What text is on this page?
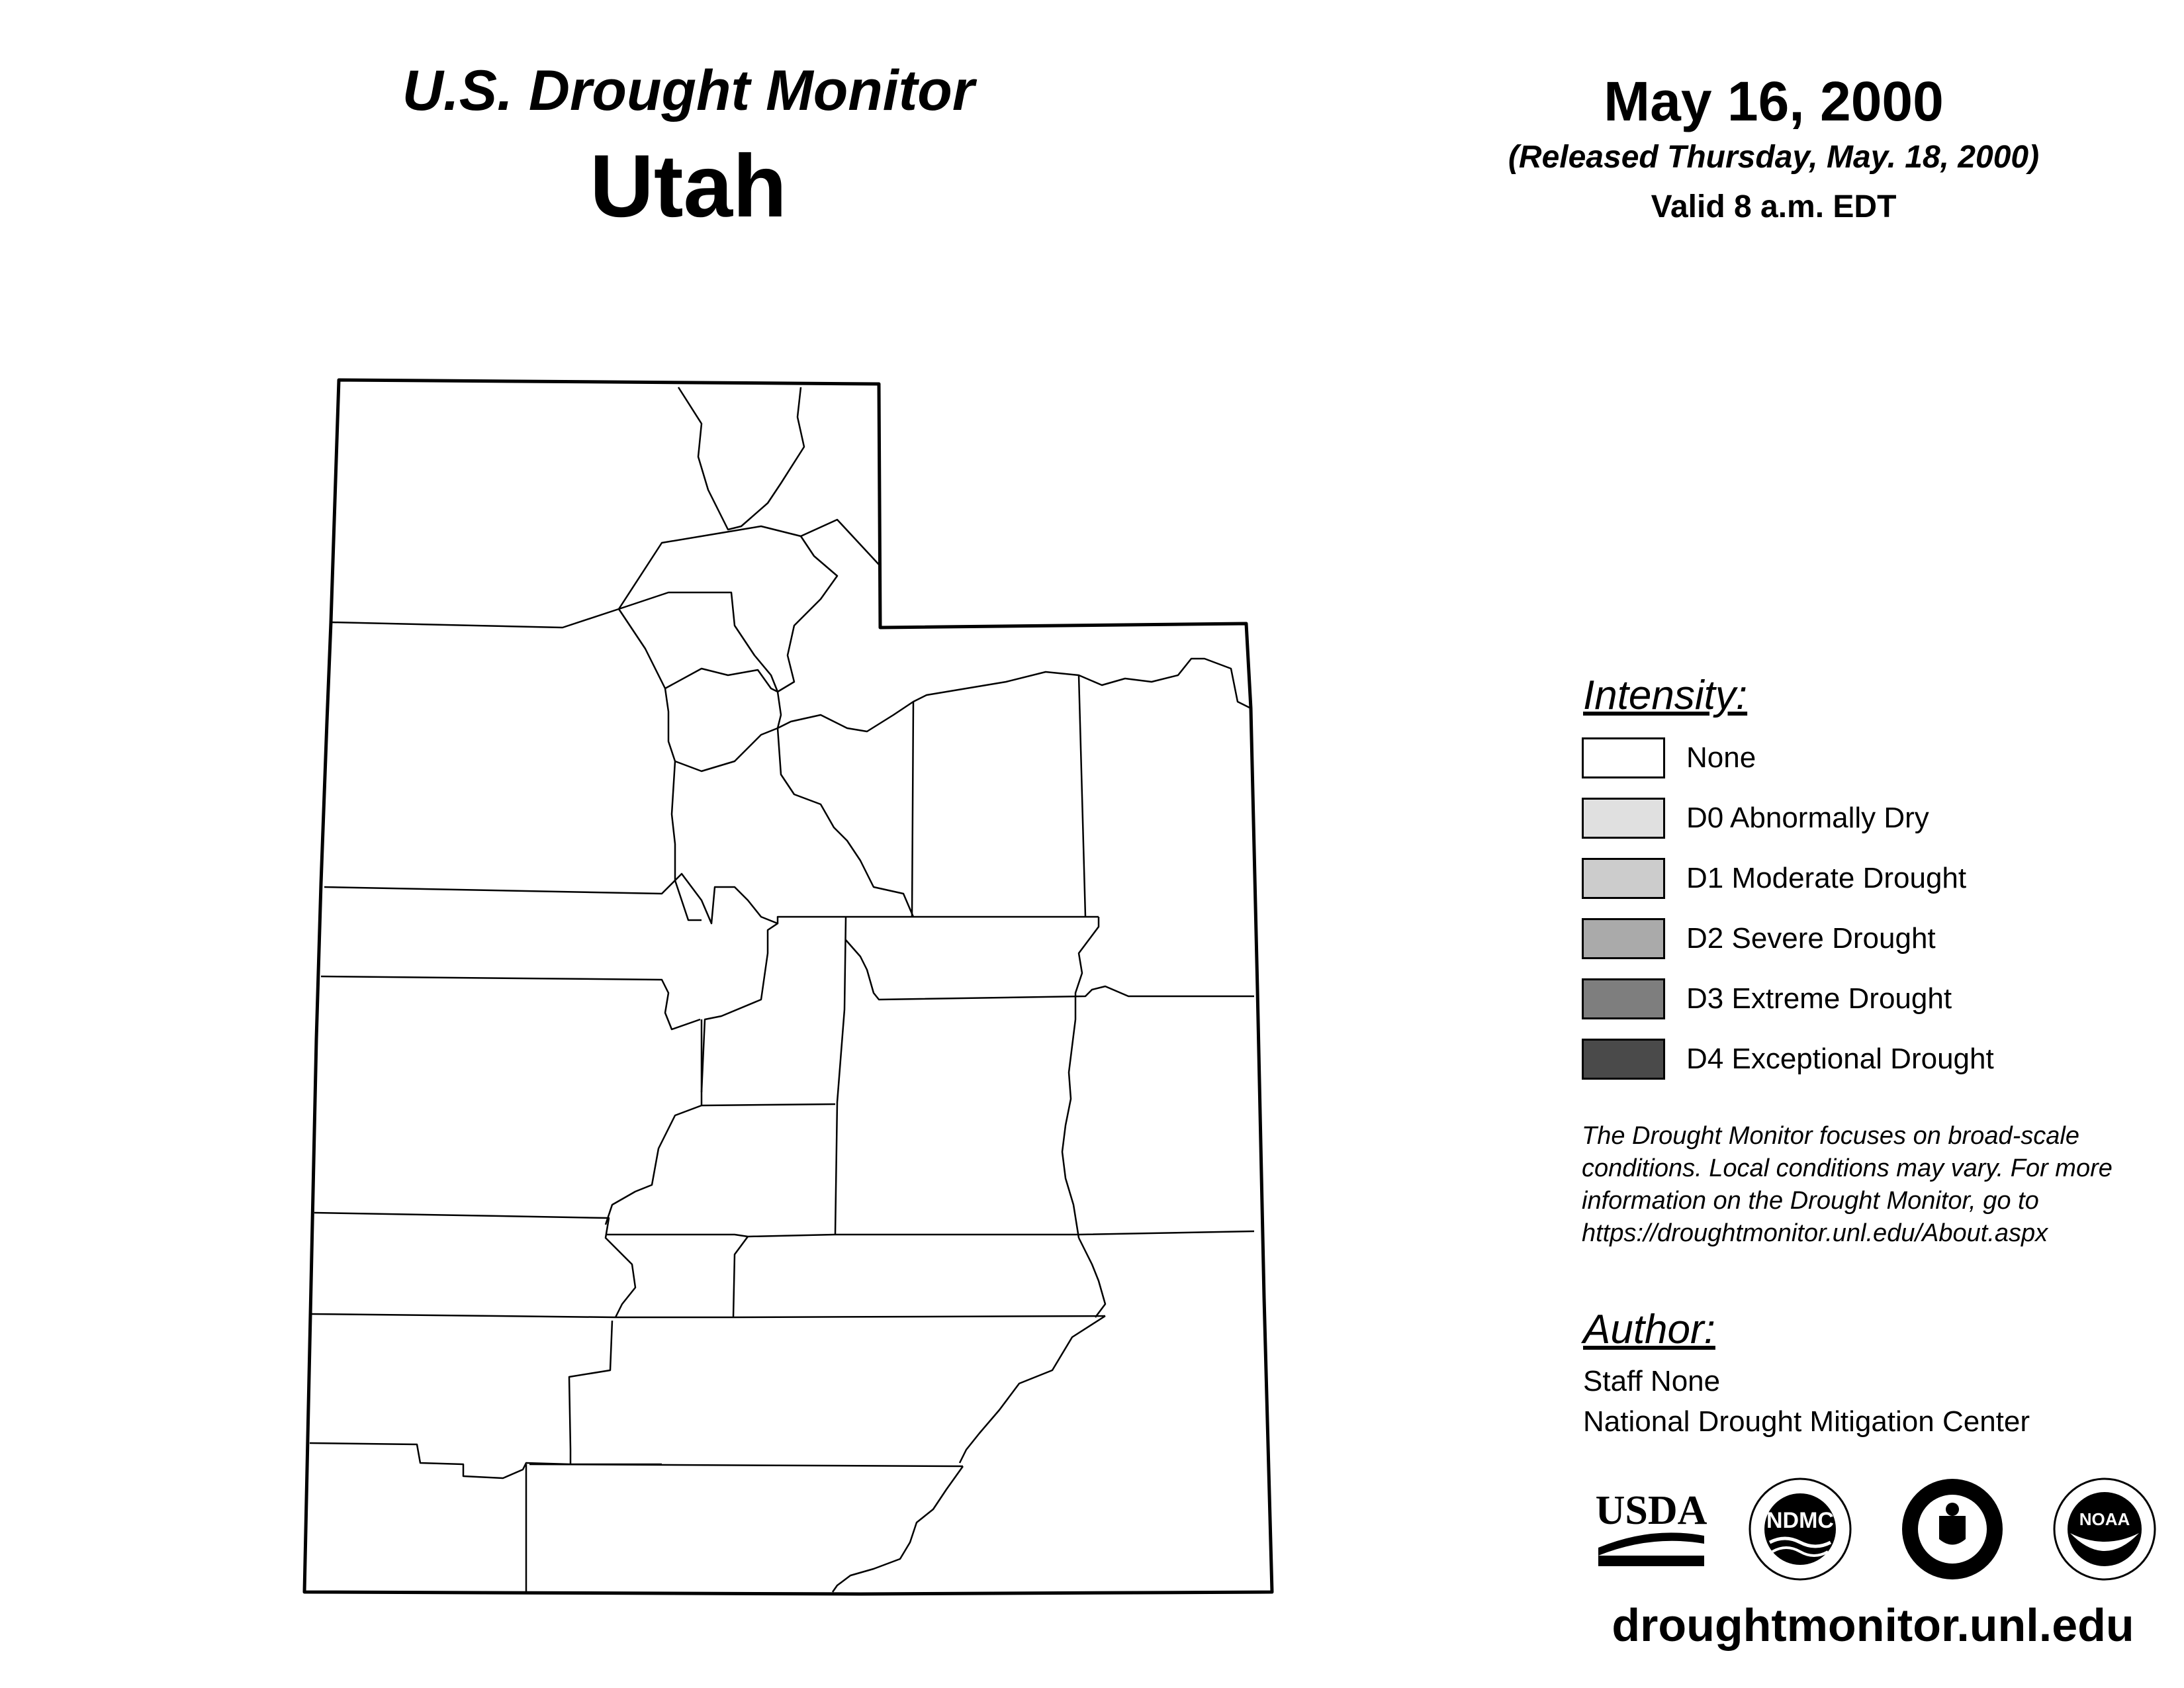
U.S. Drought Monitor
Utah
May 16, 2000
(Released Thursday, May. 18, 2000)
Valid 8 a.m. EDT
Intensity:
None
D0 Abnormally Dry
D1 Moderate Drought
D2 Severe Drought
D3 Extreme Drought
D4 Exceptional Drought
The Drought Monitor focuses on broad-scale
conditions. Local conditions may vary. For more
information on the Drought Monitor, go to
https://droughtmonitor.unl.edu/About.aspx
Author:
Staff None
National Drought Mitigation Center
USDA	NDMC	NOAA
droughtmonitor.unl.edu
